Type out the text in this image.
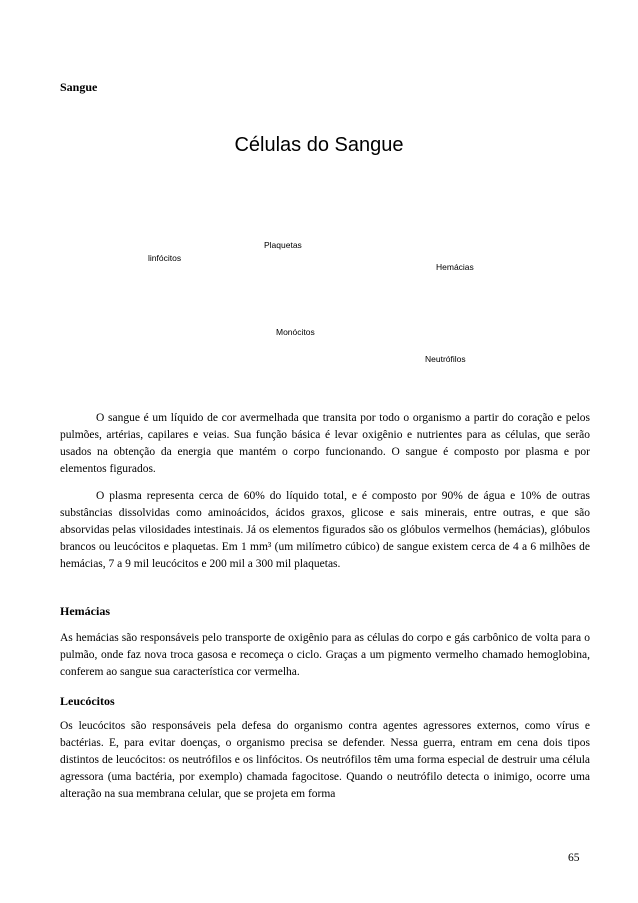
Sangue
Células do Sangue
Plaquetas
linfócitos
Hemácias
Monócitos
Neutrófilos

O sangue é um líquido de cor avermelhada que transita por todo o organismo a partir do coração e pelos pulmões, artérias, capilares e veias. Sua função básica é levar oxigênio e nutrientes para as células, que serão usados na obtenção da energia que mantém o corpo funcionando. O sangue é composto por plasma e por elementos figurados.

O plasma representa cerca de 60% do líquido total, e é composto por 90% de água e 10% de outras substâncias dissolvidas como aminoácidos, ácidos graxos, glicose e sais minerais, entre outras, e que são absorvidas pelas vilosidades intestinais. Já os elementos figurados são os glóbulos vermelhos (hemácias), glóbulos brancos ou leucócitos e plaquetas. Em 1 mm³ (um milímetro cúbico) de sangue existem cerca de 4 a 6 milhões de hemácias, 7 a 9 mil leucócitos e 200 mil a 300 mil plaquetas.

Hemácias

As hemácias são responsáveis pelo transporte de oxigênio para as células do corpo e gás carbônico de volta para o pulmão, onde faz nova troca gasosa e recomeça o ciclo. Graças a um pigmento vermelho chamado hemoglobina, conferem ao sangue sua característica cor vermelha.

Leucócitos

Os leucócitos são responsáveis pela defesa do organismo contra agentes agressores externos, como vírus e bactérias. E, para evitar doenças, o organismo precisa se defender. Nessa guerra, entram em cena dois tipos distintos de leucócitos: os neutrófilos e os linfócitos. Os neutrófilos têm uma forma especial de destruir uma célula agressora (uma bactéria, por exemplo) chamada fagocitose. Quando o neutrófilo detecta o inimigo, ocorre uma alteração na sua membrana celular, que se projeta em forma

65
